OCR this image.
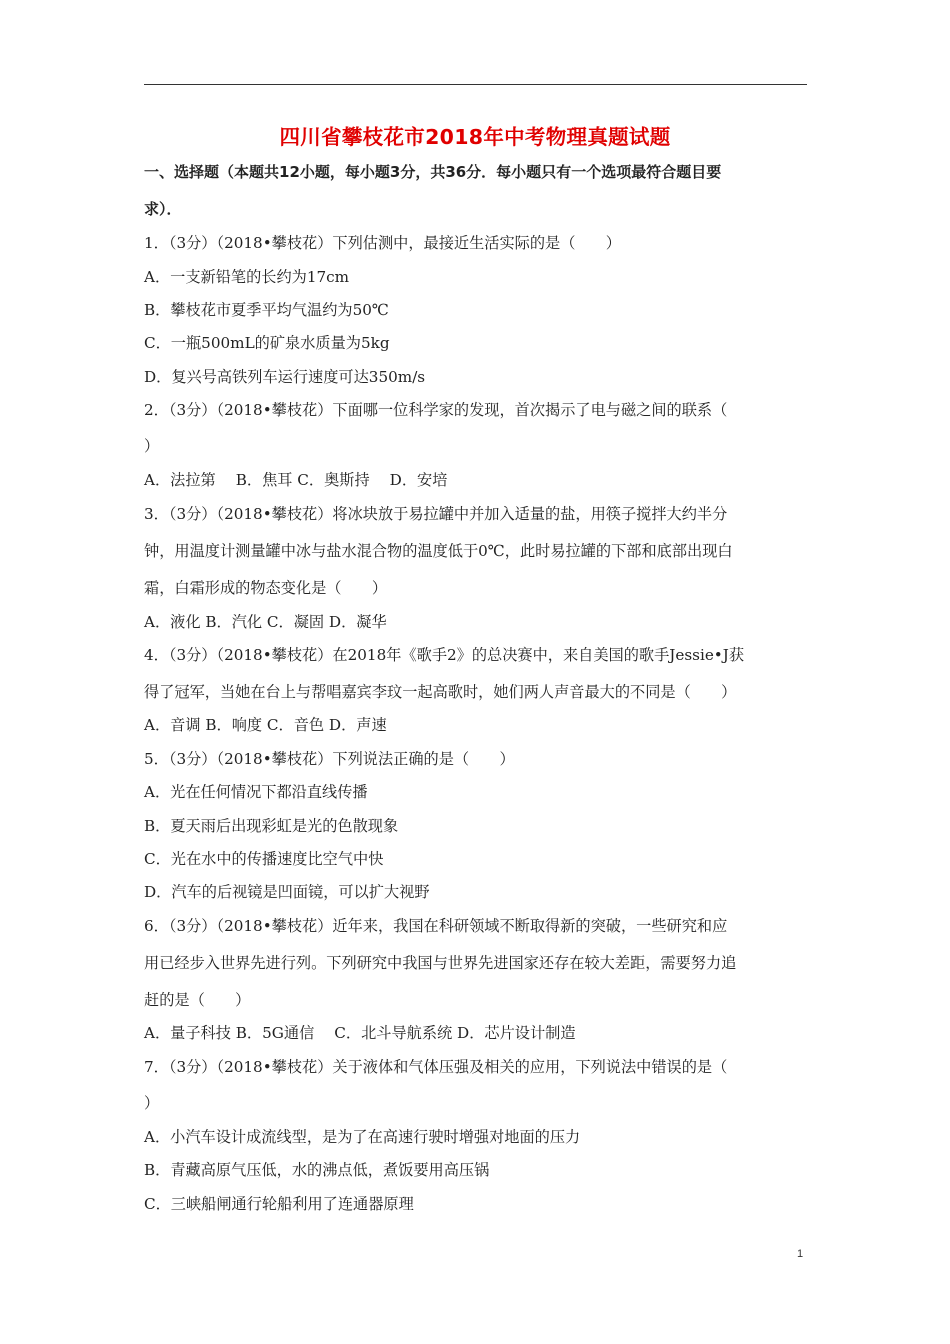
四川省攀枝花市2018年中考物理真题试题
一、选择题（本题共12小题，每小题3分，共36分．每小题只有一个选项最符合题目要
求）．
1．（3分）（2018•攀枝花）下列估测中，最接近生活实际的是（　　）
A．一支新铅笔的长约为17cm
B．攀枝花市夏季平均气温约为50℃
C．一瓶500mL的矿泉水质量为5kg
D．复兴号高铁列车运行速度可达350m/s
2．（3分）（2018•攀枝花）下面哪一位科学家的发现，首次揭示了电与磁之间的联系（
）
A．法拉第　 B．焦耳 C．奥斯持　 D．安培
3．（3分）（2018•攀枝花）将冰块放于易拉罐中并加入适量的盐，用筷子搅拌大约半分
钟，用温度计测量罐中冰与盐水混合物的温度低于0℃，此时易拉罐的下部和底部出现白
霜，白霜形成的物态变化是（　　）
A．液化 B．汽化 C．凝固 D．凝华
4．（3分）（2018•攀枝花）在2018年《歌手2》的总决赛中，来自美国的歌手Jessie•J获
得了冠军，当她在台上与帮唱嘉宾李玟一起高歌时，她们两人声音最大的不同是（　　）
A．音调 B．响度 C．音色 D．声速
5．（3分）（2018•攀枝花）下列说法正确的是（　　）
A．光在任何情况下都沿直线传播
B．夏天雨后出现彩虹是光的色散现象
C．光在水中的传播速度比空气中快
D．汽车的后视镜是凹面镜，可以扩大视野
6．（3分）（2018•攀枝花）近年来，我国在科研领域不断取得新的突破，一些研究和应
用已经步入世界先进行列。下列研究中我国与世界先进国家还存在较大差距，需要努力追
赶的是（　　）
A．量子科技 B．5G通信　 C．北斗导航系统 D．芯片设计制造
7．（3分）（2018•攀枝花）关于液体和气体压强及相关的应用，下列说法中错误的是（
）
A．小汽车设计成流线型，是为了在高速行驶时增强对地面的压力
B．青藏高原气压低，水的沸点低，煮饭要用高压锅
C．三峡船闸通行轮船利用了连通器原理
1
